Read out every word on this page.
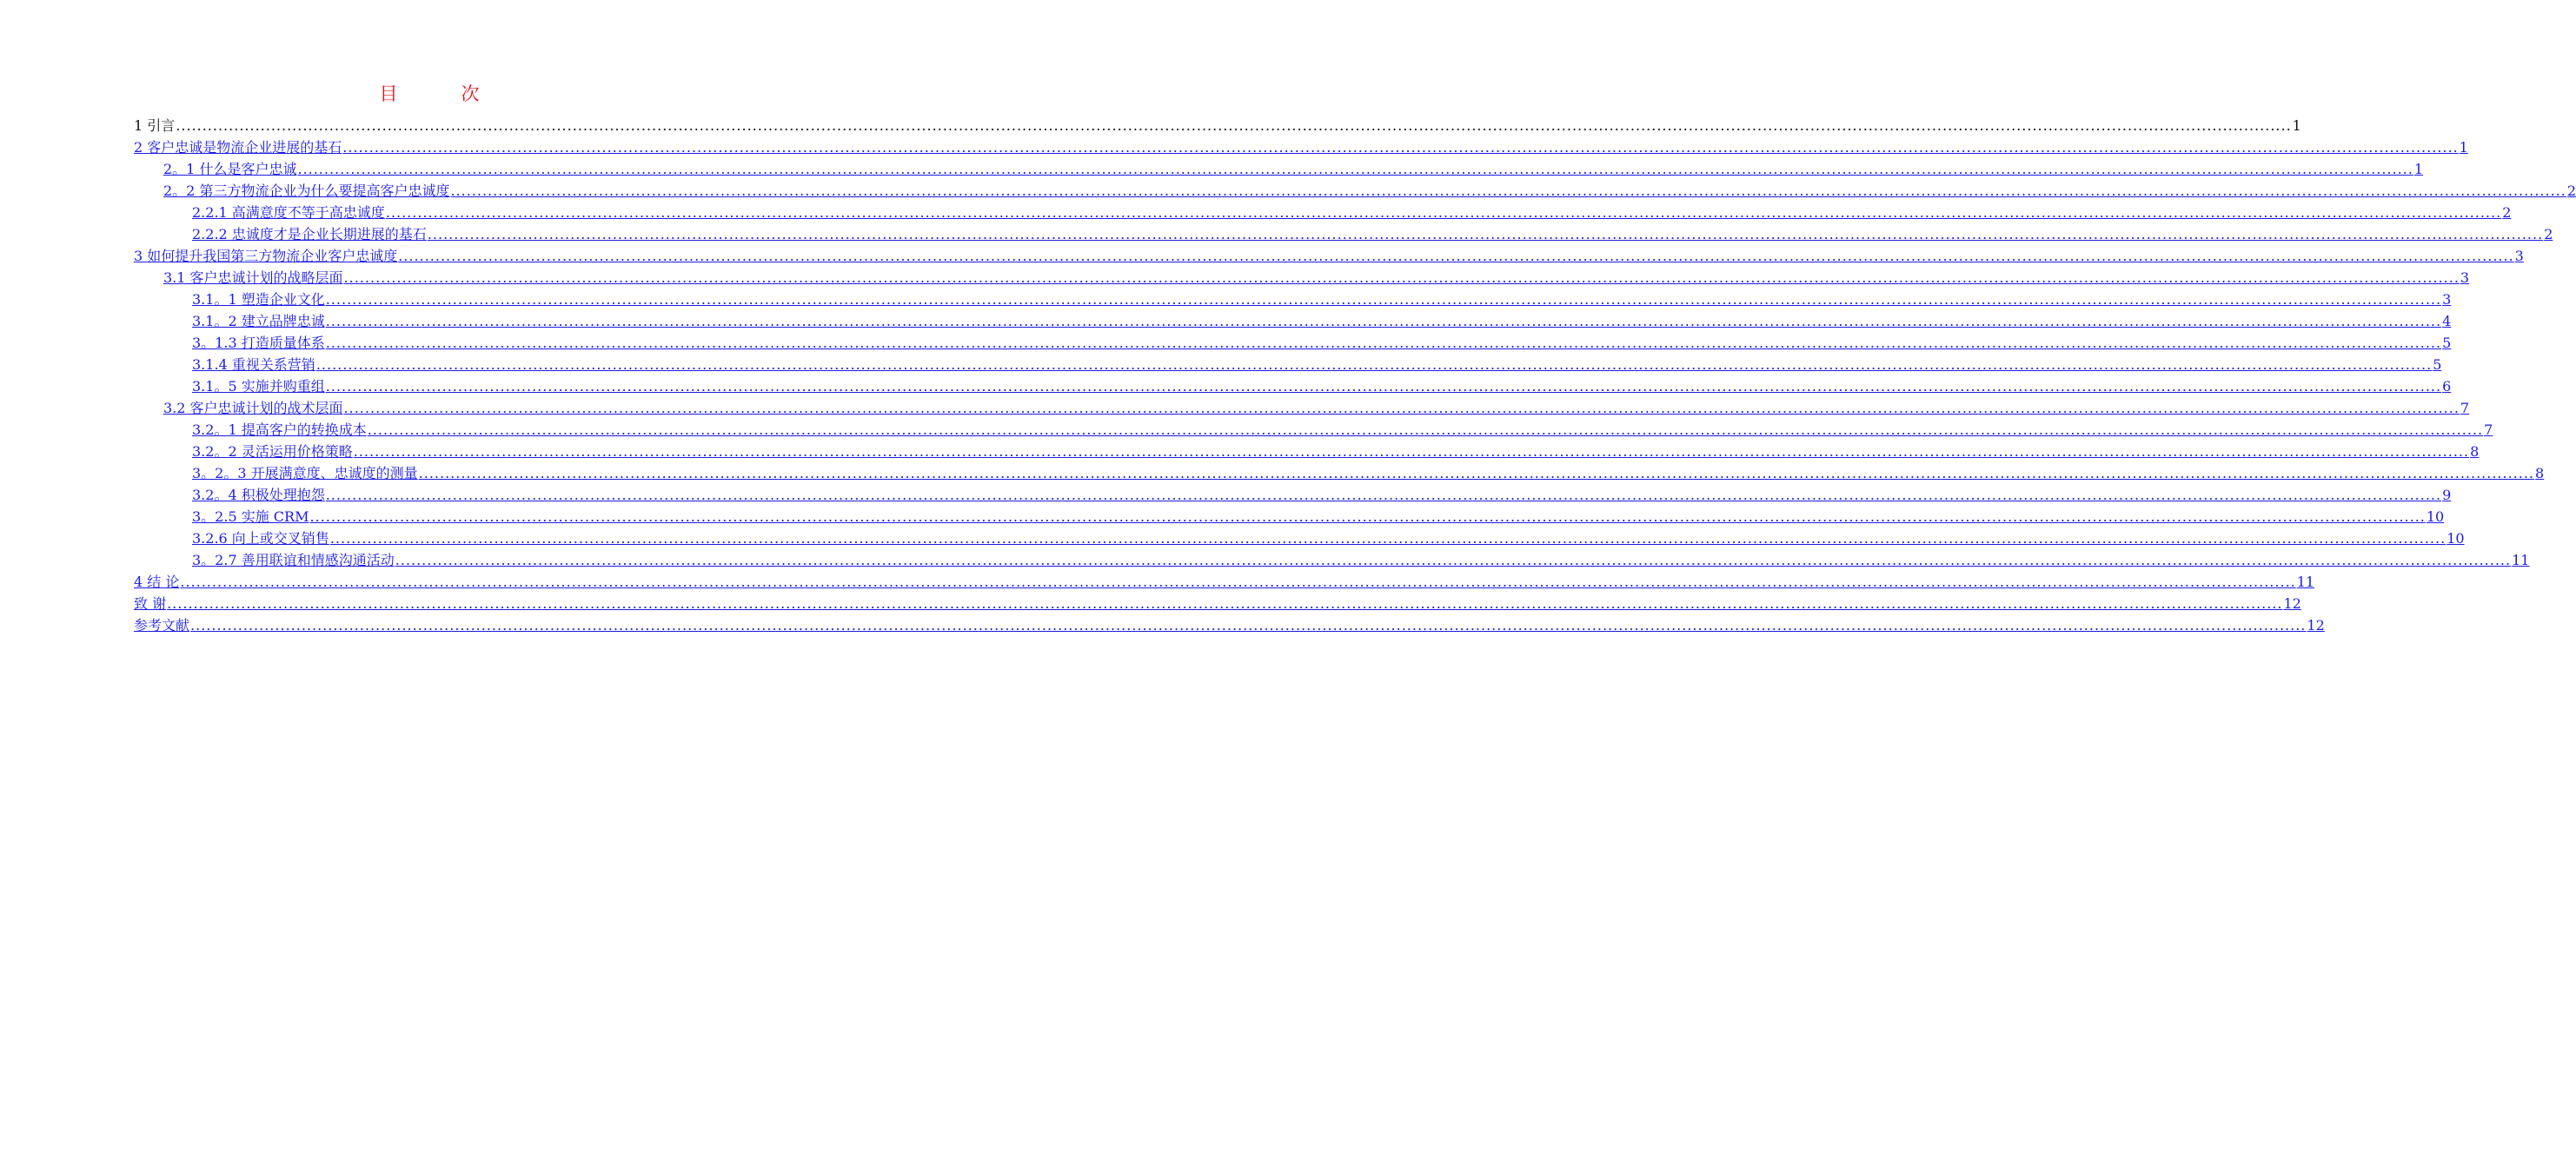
目　次
1 引言 ................................................................................................................................................................................................................................................................................................................................................................................................................ 1
2 客户忠诚是物流企业进展的基石 ................................................................................................................................................................................................................................................................................................................................................................................................................ 1
2。1 什么是客户忠诚 ................................................................................................................................................................................................................................................................................................................................................................................................................ 1
2。2 第三方物流企业为什么要提高客户忠诚度 ................................................................................................................................................................................................................................................................................................................................................................................................................ 2
2.2.1 高满意度不等于高忠诚度 ................................................................................................................................................................................................................................................................................................................................................................................................................ 2
2.2.2 忠诚度才是企业长期进展的基石 ................................................................................................................................................................................................................................................................................................................................................................................................................ 2
3 如何提升我国第三方物流企业客户忠诚度 ................................................................................................................................................................................................................................................................................................................................................................................................................ 3
3.1 客户忠诚计划的战略层面 ................................................................................................................................................................................................................................................................................................................................................................................................................ 3
3.1。1 塑造企业文化 ................................................................................................................................................................................................................................................................................................................................................................................................................ 3
3.1。2 建立品牌忠诚 ................................................................................................................................................................................................................................................................................................................................................................................................................ 4
3。1.3 打造质量体系 ................................................................................................................................................................................................................................................................................................................................................................................................................ 5
3.1.4 重视关系营销 ................................................................................................................................................................................................................................................................................................................................................................................................................ 5
3.1。5 实施并购重组 ................................................................................................................................................................................................................................................................................................................................................................................................................ 6
3.2 客户忠诚计划的战术层面 ................................................................................................................................................................................................................................................................................................................................................................................................................ 7
3.2。1 提高客户的转换成本 ................................................................................................................................................................................................................................................................................................................................................................................................................ 7
3.2。2 灵活运用价格策略 ................................................................................................................................................................................................................................................................................................................................................................................................................ 8
3。2。3 开展满意度、忠诚度的测量 ................................................................................................................................................................................................................................................................................................................................................................................................................ 8
3.2。4 积极处理抱怨 ................................................................................................................................................................................................................................................................................................................................................................................................................ 9
3。2.5 实施 CRM ................................................................................................................................................................................................................................................................................................................................................................................................................ 10
3.2.6 向上或交叉销售 ................................................................................................................................................................................................................................................................................................................................................................................................................ 10
3。2.7 善用联谊和情感沟通活动 ................................................................................................................................................................................................................................................................................................................................................................................................................ 11
4 结 论 ................................................................................................................................................................................................................................................................................................................................................................................................................ 11
致 谢 ................................................................................................................................................................................................................................................................................................................................................................................................................ 12
参考文献 ................................................................................................................................................................................................................................................................................................................................................................................................................ 12
